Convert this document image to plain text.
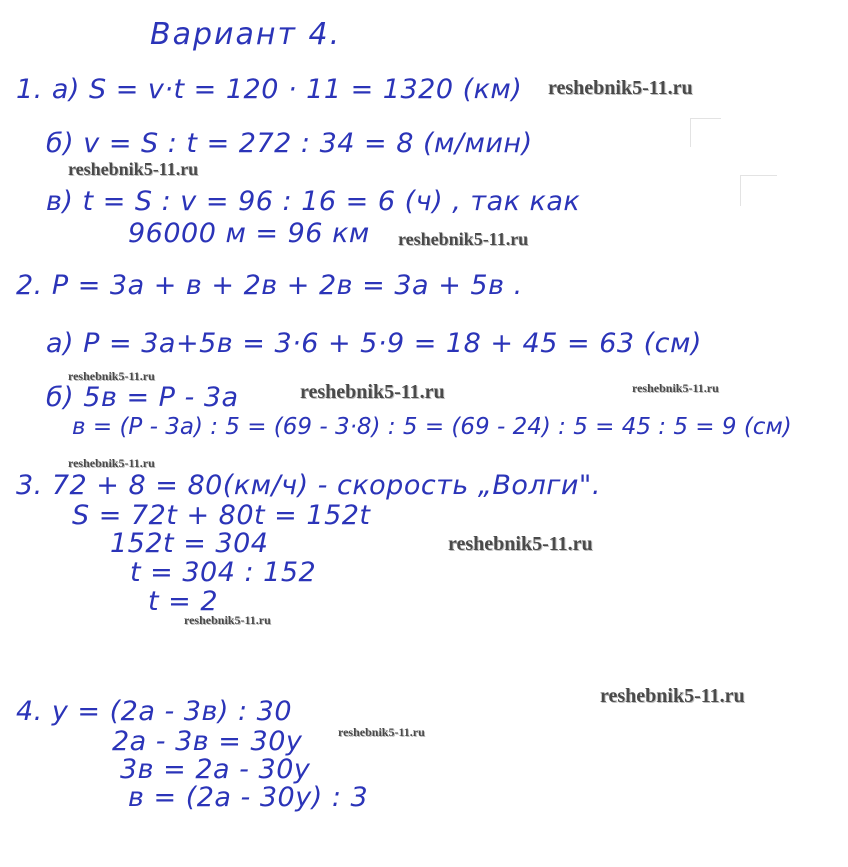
Вариант 4.
1. а) S = v·t = 120 · 11 = 1320 (км)
б) v = S : t = 272 : 34 = 8 (м/мин)
в) t = S : v = 96 : 16 = 6 (ч) , так как
96000 м = 96 км
2. P = 3a + в + 2в + 2в = 3a + 5в .
а) P = 3a+5в = 3·6 + 5·9 = 18 + 45 = 63 (см)
б) 5в = P - 3a
в = (P - 3a) : 5 = (69 - 3·8) : 5 = (69 - 24) : 5 = 45 : 5 = 9 (см)
3. 72 + 8 = 80(км/ч) - скорость „Волги".
S = 72t + 80t = 152t
152t = 304
t = 304 : 152
t = 2
4. y = (2a - 3в) : 30
2a - 3в = 30y
3в = 2a - 30y
в = (2a - 30y) : 3
reshebnik5-11.ru
reshebnik5-11.ru
reshebnik5-11.ru
reshebnik5-11.ru
reshebnik5-11.ru	reshebnik5-11.ru
reshebnik5-11.ru
reshebnik5-11.ru
reshebnik5-11.ru
reshebnik5-11.ru
reshebnik5-11.ru
